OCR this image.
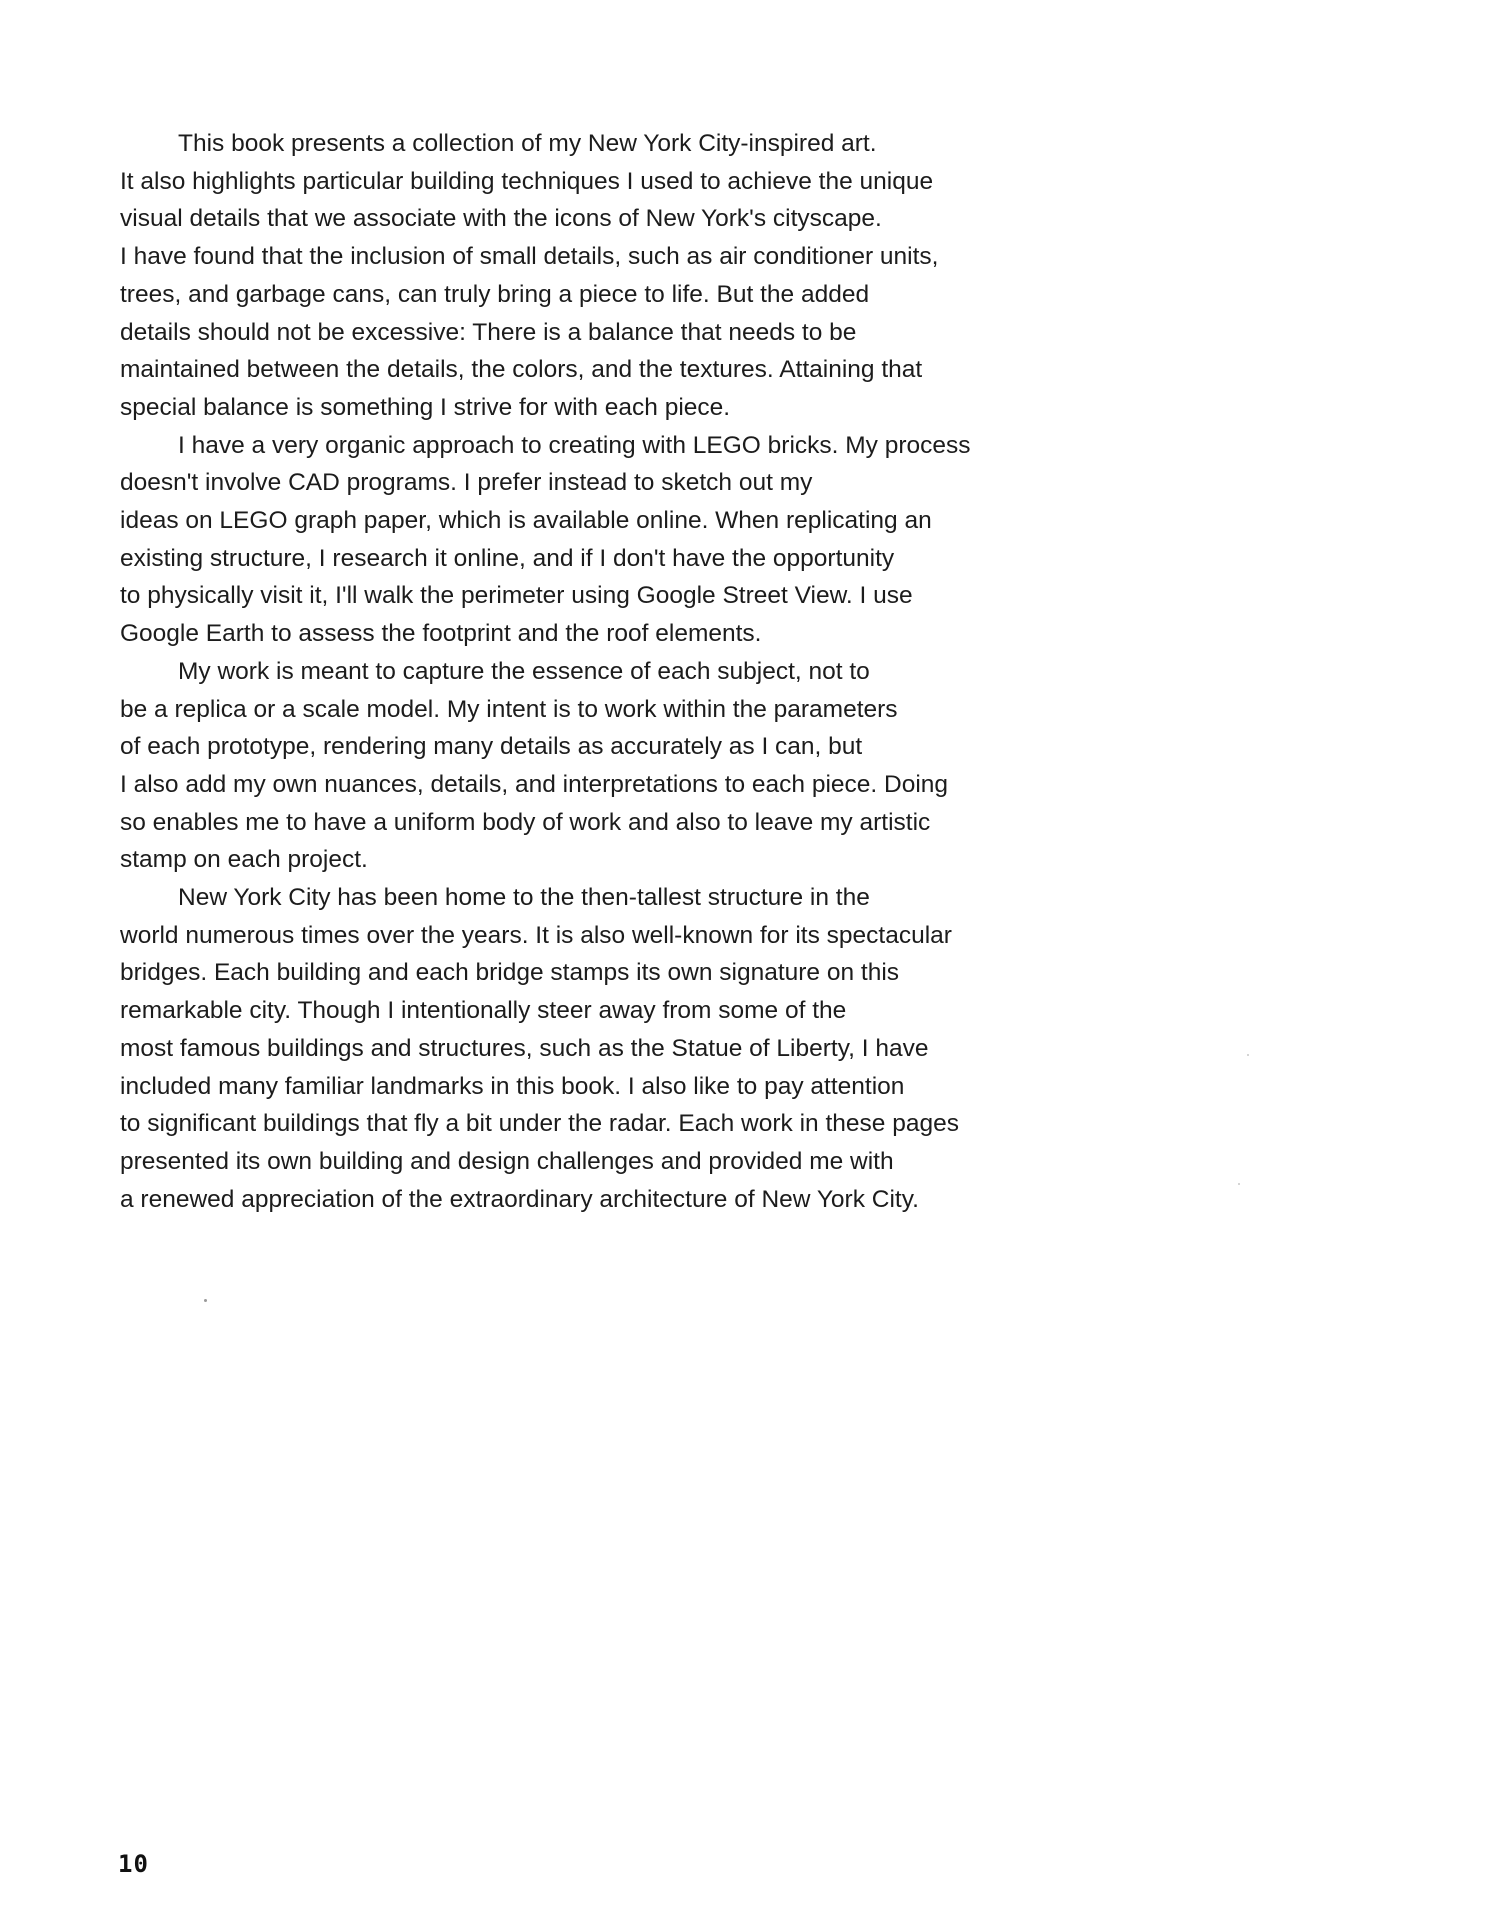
This book presents a collection of my New York City-inspired art.
It also highlights particular building techniques I used to achieve the unique
visual details that we associate with the icons of New York's cityscape.
I have found that the inclusion of small details, such as air conditioner units,
trees, and garbage cans, can truly bring a piece to life. But the added
details should not be excessive: There is a balance that needs to be
maintained between the details, the colors, and the textures. Attaining that
special balance is something I strive for with each piece.

I have a very organic approach to creating with LEGO bricks. My process
doesn't involve CAD programs. I prefer instead to sketch out my
ideas on LEGO graph paper, which is available online. When replicating an
existing structure, I research it online, and if I don't have the opportunity
to physically visit it, I'll walk the perimeter using Google Street View. I use
Google Earth to assess the footprint and the roof elements.

My work is meant to capture the essence of each subject, not to
be a replica or a scale model. My intent is to work within the parameters
of each prototype, rendering many details as accurately as I can, but
I also add my own nuances, details, and interpretations to each piece. Doing
so enables me to have a uniform body of work and also to leave my artistic
stamp on each project.

New York City has been home to the then-tallest structure in the
world numerous times over the years. It is also well-known for its spectacular
bridges. Each building and each bridge stamps its own signature on this
remarkable city. Though I intentionally steer away from some of the
most famous buildings and structures, such as the Statue of Liberty, I have
included many familiar landmarks in this book. I also like to pay attention
to significant buildings that fly a bit under the radar. Each work in these pages
presented its own building and design challenges and provided me with
a renewed appreciation of the extraordinary architecture of New York City.

10
